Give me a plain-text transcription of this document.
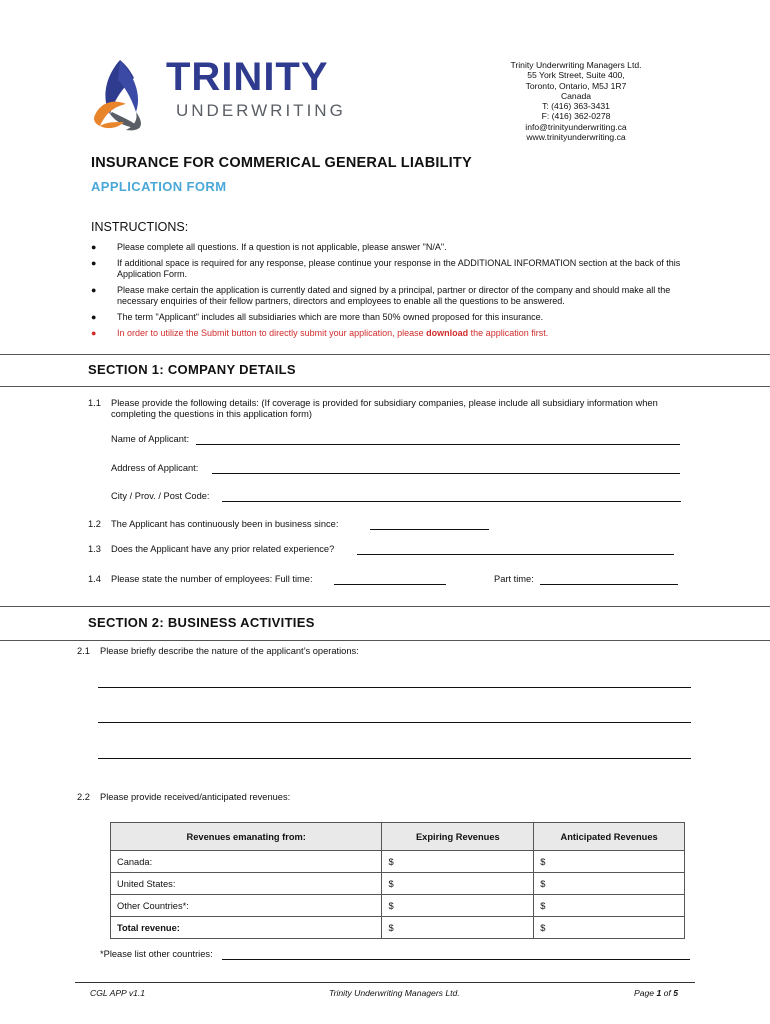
TRINITY
UNDERWRITING
Trinity Underwriting Managers Ltd.
55 York Street, Suite 400,
Toronto, Ontario, M5J 1R7
Canada
T: (416) 363-3431
F: (416) 362-0278
info@trinityunderwriting.ca
www.trinityunderwriting.ca
INSURANCE FOR COMMERICAL GENERAL LIABILITY
APPLICATION FORM
INSTRUCTIONS:
● Please complete all questions. If a question is not applicable, please answer "N/A".
● If additional space is required for any response, please continue your response in the ADDITIONAL INFORMATION section at the back of this Application Form.
● Please make certain the application is currently dated and signed by a principal, partner or director of the company and should make all the necessary enquiries of their fellow partners, directors and employees to enable all the questions to be answered.
● The term "Applicant" includes all subsidiaries which are more than 50% owned proposed for this insurance.
● In order to utilize the Submit button to directly submit your application, please download the application first.
SECTION 1: COMPANY DETAILS
1.1 Please provide the following details: (If coverage is provided for subsidiary companies, please include all subsidiary information when completing the questions in this application form)
Name of Applicant:
Address of Applicant:
City / Prov. / Post Code:
1.2 The Applicant has continuously been in business since:
1.3 Does the Applicant have any prior related experience?
1.4 Please state the number of employees: Full time:	Part time:
SECTION 2: BUSINESS ACTIVITIES
2.1 Please briefly describe the nature of the applicant’s operations:
2.2 Please provide received/anticipated revenues:
Revenues emanating from:	Expiring Revenues	Anticipated Revenues
Canada:	$	$
United States:	$	$
Other Countries*:	$	$
Total revenue:	$	$
*Please list other countries:
CGL APP v1.1	Trinity Underwriting Managers Ltd.	Page 1 of 5
